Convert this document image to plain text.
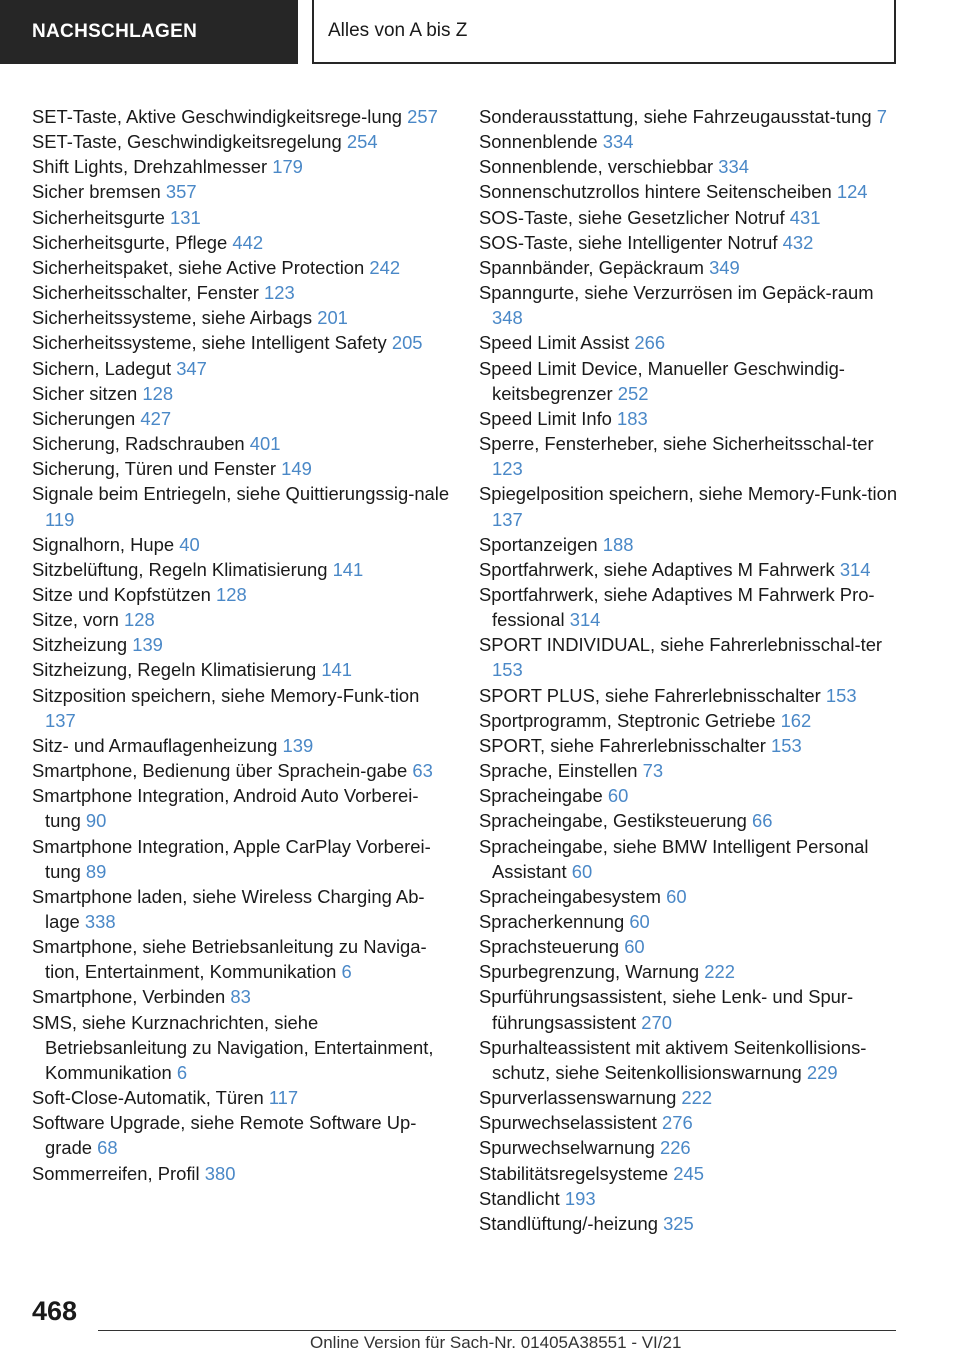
NACHSCHLAGEN	Alles von A bis Z
SET-Taste, Aktive Geschwindigkeitsrege-lung 257
SET-Taste, Geschwindigkeitsregelung 254
Shift Lights, Drehzahlmesser 179
Sicher bremsen 357
Sicherheitsgurte 131
Sicherheitsgurte, Pflege 442
Sicherheitspaket, siehe Active Protection 242
Sicherheitsschalter, Fenster 123
Sicherheitssysteme, siehe Airbags 201
Sicherheitssysteme, siehe Intelligent Safety 205
Sichern, Ladegut 347
Sicher sitzen 128
Sicherungen 427
Sicherung, Radschrauben 401
Sicherung, Türen und Fenster 149
Signale beim Entriegeln, siehe Quittierungssig-nale 119
Signalhorn, Hupe 40
Sitzbelüftung, Regeln Klimatisierung 141
Sitze und Kopfstützen 128
Sitze, vorn 128
Sitzheizung 139
Sitzheizung, Regeln Klimatisierung 141
Sitzposition speichern, siehe Memory-Funk-tion 137
Sitz- und Armauflagenheizung 139
Smartphone, Bedienung über Sprachein-gabe 63
Smartphone Integration, Android Auto Vorberei-tung 90
Smartphone Integration, Apple CarPlay Vorberei-tung 89
Smartphone laden, siehe Wireless Charging Ab-lage 338
Smartphone, siehe Betriebsanleitung zu Naviga-tion, Entertainment, Kommunikation 6
Smartphone, Verbinden 83
SMS, siehe Kurznachrichten, siehe Betriebsanleitung zu Navigation, Entertainment, Kommunikation 6
Soft-Close-Automatik, Türen 117
Software Upgrade, siehe Remote Software Up-grade 68
Sommerreifen, Profil 380
Sonderausstattung, siehe Fahrzeugausstat-tung 7
Sonnenblende 334
Sonnenblende, verschiebbar 334
Sonnenschutzrollos hintere Seitenscheiben 124
SOS-Taste, siehe Gesetzlicher Notruf 431
SOS-Taste, siehe Intelligenter Notruf 432
Spannbänder, Gepäckraum 349
Spanngurte, siehe Verzurrösen im Gepäck-raum 348
Speed Limit Assist 266
Speed Limit Device, Manueller Geschwindig-keitsbegrenzer 252
Speed Limit Info 183
Sperre, Fensterheber, siehe Sicherheitsschal-ter 123
Spiegelposition speichern, siehe Memory-Funk-tion 137
Sportanzeigen 188
Sportfahrwerk, siehe Adaptives M Fahrwerk 314
Sportfahrwerk, siehe Adaptives M Fahrwerk Pro-fessional 314
SPORT INDIVIDUAL, siehe Fahrerlebnisschal-ter 153
SPORT PLUS, siehe Fahrerlebnisschalter 153
Sportprogramm, Steptronic Getriebe 162
SPORT, siehe Fahrerlebnisschalter 153
Sprache, Einstellen 73
Spracheingabe 60
Spracheingabe, Gestiksteuerung 66
Spracheingabe, siehe BMW Intelligent Personal Assistant 60
Spracheingabesystem 60
Spracherkennung 60
Sprachsteuerung 60
Spurbegrenzung, Warnung 222
Spurführungsassistent, siehe Lenk- und Spur-führungsassistent 270
Spurhalteassistent mit aktivem Seitenkollisions-schutz, siehe Seitenkollisionswarnung 229
Spurverlassenswarnung 222
Spurwechselassistent 276
Spurwechselwarnung 226
Stabilitätsregelsysteme 245
Standlicht 193
Standlüftung/-heizung 325
468
Online Version für Sach-Nr. 01405A38551 - VI/21
